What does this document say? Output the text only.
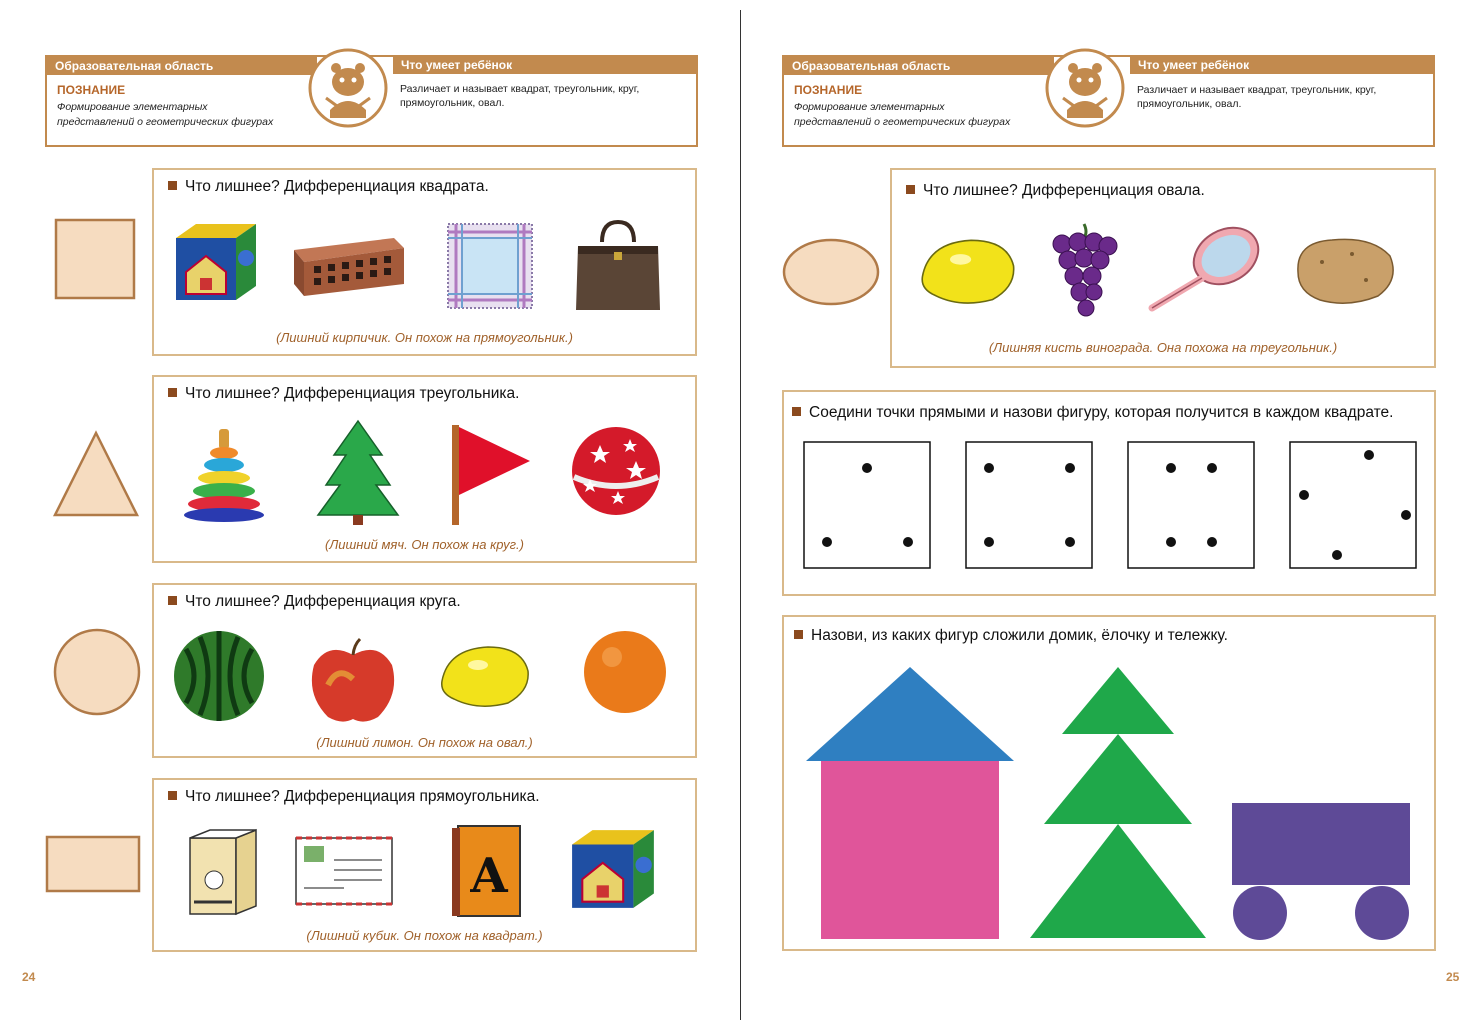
Образовательная область	Что умеет ребёнок
ПОЗНАНИЕ
Формирование элементарных
представлений о геометрических фигурах
Различает и называет квадрат, треугольник, круг,
прямоугольник, овал.
Что лишнее? Дифференциация квадрата.
(Лишний кирпичик. Он похож на прямоугольник.)
Что лишнее? Дифференциация треугольника.
(Лишний мяч. Он похож на круг.)
Что лишнее? Дифференциация круга.
(Лишний лимон. Он похож на овал.)
Что лишнее? Дифференциация прямоугольника.
A
(Лишний кубик. Он похож на квадрат.)
24
Образовательная область	Что умеет ребёнок
ПОЗНАНИЕ
Формирование элементарных
представлений о геометрических фигурах
Различает и называет квадрат, треугольник, круг,
прямоугольник, овал.
Что лишнее? Дифференциация овала.
(Лишняя кисть винограда. Она похожа на треугольник.)
Соедини точки прямыми и назови фигуру, которая получится в каждом квадрате.
Назови, из каких фигур сложили домик, ёлочку и тележку.
25
